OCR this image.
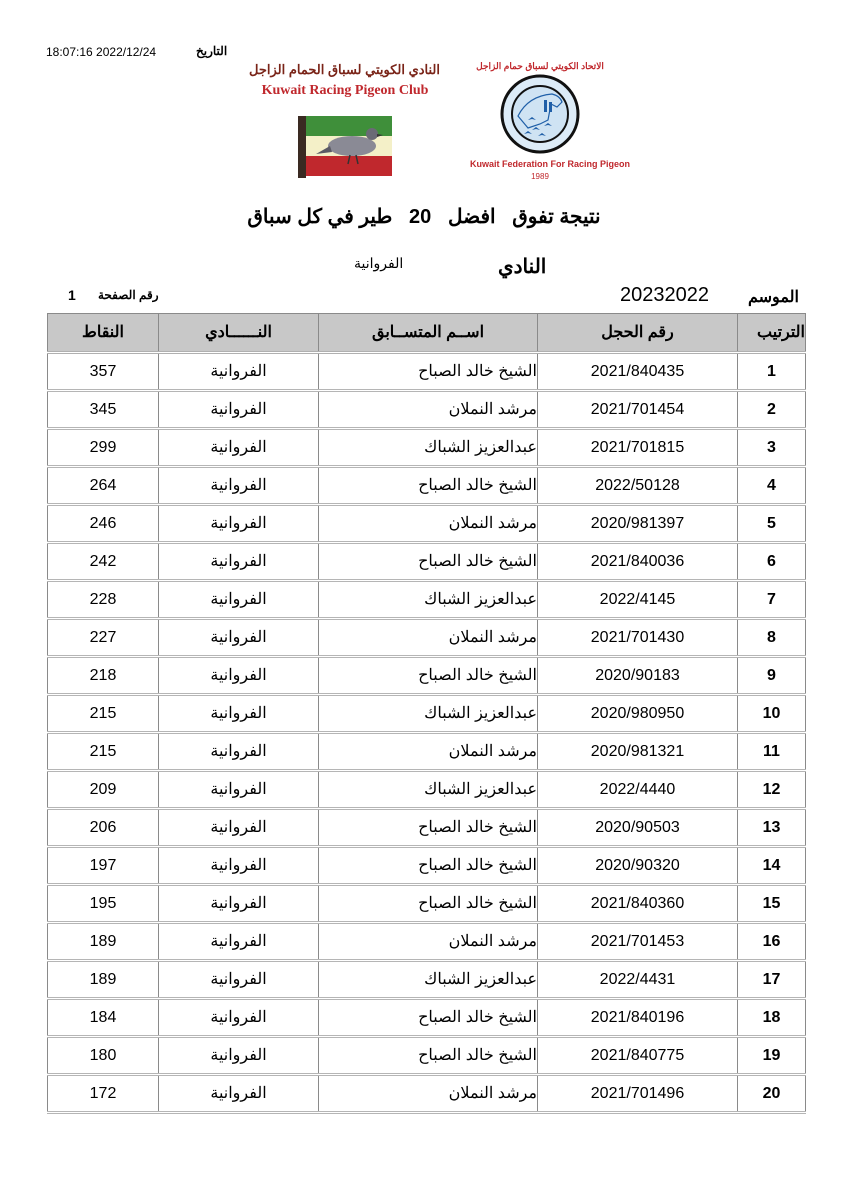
التاريخ
18:07:16 2022/12/24
النادي الكويتي لسباق الحمام الزاجل
Kuwait Racing Pigeon Club
الاتحاد الكويتي لسباق حمام الزاجل
Kuwait Federation For Racing Pigeon
1989
نتيجة تفوق   افضل   20   طير في كل سباق
النادي
الفروانية
الموسم
20232022
رقم الصفحة
1
الترتيب	رقم الحجل	اســم المتســابق	النــــــادي	النقاط
1	2021/840435	الشيخ خالد الصباح	الفروانية	357
2	2021/701454	مرشد النملان	الفروانية	345
3	2021/701815	عبدالعزيز الشباك	الفروانية	299
4	2022/50128	الشيخ خالد الصباح	الفروانية	264
5	2020/981397	مرشد النملان	الفروانية	246
6	2021/840036	الشيخ خالد الصباح	الفروانية	242
7	2022/4145	عبدالعزيز الشباك	الفروانية	228
8	2021/701430	مرشد النملان	الفروانية	227
9	2020/90183	الشيخ خالد الصباح	الفروانية	218
10	2020/980950	عبدالعزيز الشباك	الفروانية	215
11	2020/981321	مرشد النملان	الفروانية	215
12	2022/4440	عبدالعزيز الشباك	الفروانية	209
13	2020/90503	الشيخ خالد الصباح	الفروانية	206
14	2020/90320	الشيخ خالد الصباح	الفروانية	197
15	2021/840360	الشيخ خالد الصباح	الفروانية	195
16	2021/701453	مرشد النملان	الفروانية	189
17	2022/4431	عبدالعزيز الشباك	الفروانية	189
18	2021/840196	الشيخ خالد الصباح	الفروانية	184
19	2021/840775	الشيخ خالد الصباح	الفروانية	180
20	2021/701496	مرشد النملان	الفروانية	172
